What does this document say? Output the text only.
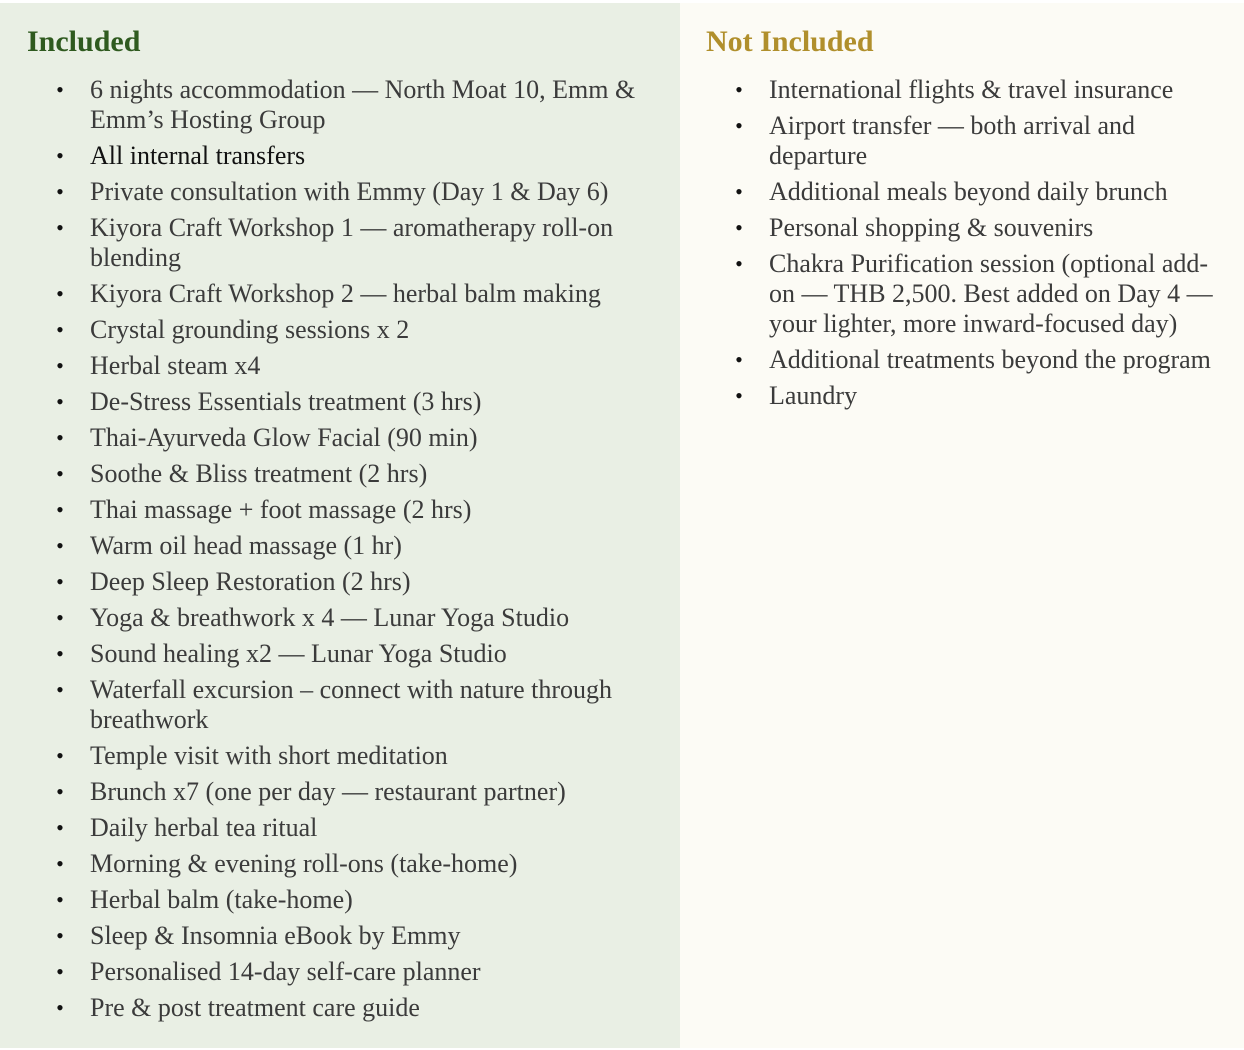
Included
• 6 nights accommodation — North Moat 10, Emm & Emm’s Hosting Group
• All internal transfers
• Private consultation with Emmy (Day 1 & Day 6)
• Kiyora Craft Workshop 1 — aromatherapy roll-on blending
• Kiyora Craft Workshop 2 — herbal balm making
• Crystal grounding sessions x 2
• Herbal steam x4
• De-Stress Essentials treatment (3 hrs)
• Thai-Ayurveda Glow Facial (90 min)
• Soothe & Bliss treatment (2 hrs)
• Thai massage + foot massage (2 hrs)
• Warm oil head massage (1 hr)
• Deep Sleep Restoration (2 hrs)
• Yoga & breathwork x 4 — Lunar Yoga Studio
• Sound healing x2 — Lunar Yoga Studio
• Waterfall excursion – connect with nature through breathwork
• Temple visit with short meditation
• Brunch x7 (one per day — restaurant partner)
• Daily herbal tea ritual
• Morning & evening roll-ons (take-home)
• Herbal balm (take-home)
• Sleep & Insomnia eBook by Emmy
• Personalised 14-day self-care planner
• Pre & post treatment care guide
Not Included
• International flights & travel insurance
• Airport transfer — both arrival and departure
• Additional meals beyond daily brunch
• Personal shopping & souvenirs
• Chakra Purification session (optional add-on — THB 2,500. Best added on Day 4 — your lighter, more inward-focused day)
• Additional treatments beyond the program
• Laundry
